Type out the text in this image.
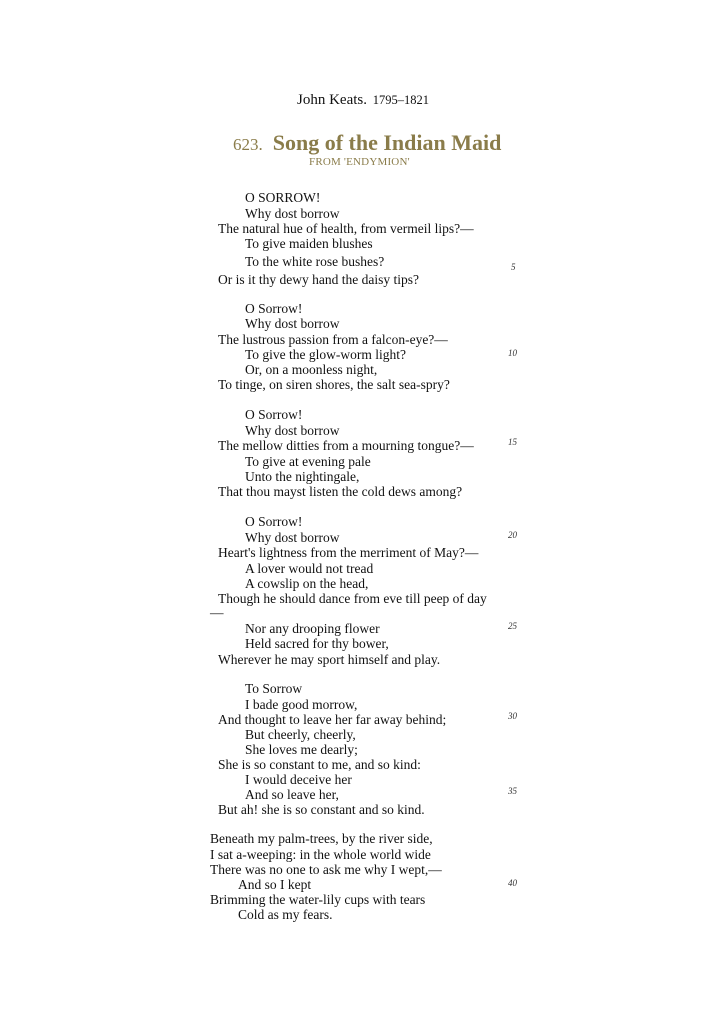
John Keats. 1795–1821
623. Song of the Indian Maid
FROM 'ENDYMION'
O SORROW!
Why dost borrow
The natural hue of health, from vermeil lips?—
To give maiden blushes
To the white rose bushes?
Or is it thy dewy hand the daisy tips?
5
O Sorrow!
Why dost borrow
The lustrous passion from a falcon-eye?—
To give the glow-worm light?
Or, on a moonless night,
To tinge, on siren shores, the salt sea-spry?
10
O Sorrow!
Why dost borrow
The mellow ditties from a mourning tongue?—
To give at evening pale
Unto the nightingale,
That thou mayst listen the cold dews among?
15
O Sorrow!
Why dost borrow
Heart's lightness from the merriment of May?—
A lover would not tread
A cowslip on the head,
Though he should dance from eve till peep of day
—
Nor any drooping flower
Held sacred for thy bower,
Wherever he may sport himself and play.
20
25
To Sorrow
I bade good morrow,
And thought to leave her far away behind;
But cheerly, cheerly,
She loves me dearly;
She is so constant to me, and so kind:
I would deceive her
And so leave her,
But ah! she is so constant and so kind.
30
35
Beneath my palm-trees, by the river side,
I sat a-weeping: in the whole world wide
There was no one to ask me why I wept,—
And so I kept
Brimming the water-lily cups with tears
Cold as my fears.
40
